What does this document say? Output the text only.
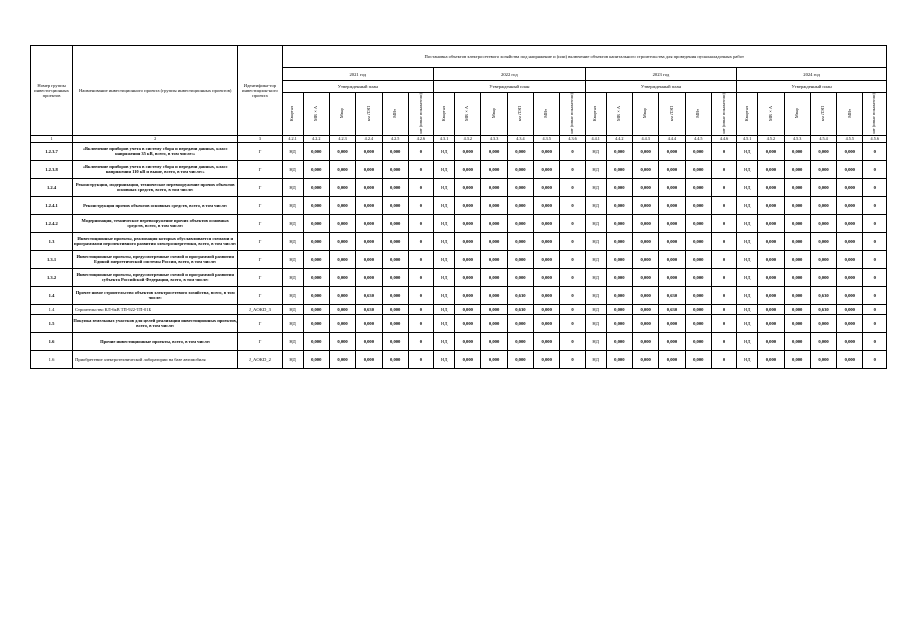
Номер группы инвести-ционных проектов	Наименование инвестиционного проекта (группы инвестиционных проектов)	Идентифика-тор инвестицион-ного проекта	Постановка объектов электросетевого хозяйства под напряжение и (или) включение объектов капитального строительства для проведения пусконаладочных работ																							
			2021 год						2022 год						2023 год						2024 год					
			Утвержденный план						Утвержденный план						Утвержденный план						Утвержденный план					
			Квартал	МВ×А	Мвар	км ЛЭП	МВт	шт (иные показатели)	Квартал	МВ×А	Мвар	км ЛЭП	МВт	шт (иные показатели)	Квартал	МВ×А	Мвар	км ЛЭП	МВт	шт (иные показатели)	Квартал	МВ×А	Мвар	км ЛЭП	МВт	шт (иные показатели)
1	2	3	4.2.1	4.2.2	4.2.3	4.2.4	4.2.5	4.2.6	4.3.1	4.3.2	4.3.3	4.3.4	4.3.5	4.3.6	4.4.1	4.4.2	4.4.3	4.4.4	4.4.5	4.4.6	4.5.1	4.5.2	4.5.3	4.5.4	4.5.5	4.5.6
1.2.3.7	«Включение приборов учета в систему сбора и передачи данных, класс напряжения 35 кВ, всего, в том числе:»	Г	НД	0,000	0,000	0,000	0,000	0	НД	0,000	0,000	0,000	0,000	0	НД	0,000	0,000	0,000	0,000	0	НД	0,000	0,000	0,000	0,000	0
1.2.3.8	«Включение приборов учета в систему сбора и передачи данных, класс напряжения 110 кВ и выше, всего, в том числе:»	Г	НД	0,000	0,000	0,000	0,000	0	НД	0,000	0,000	0,000	0,000	0	НД	0,000	0,000	0,000	0,000	0	НД	0,000	0,000	0,000	0,000	0
1.2.4	Реконструкция, модернизация, техническое перевооружение прочих объектов основных средств, всего, в том числе:	Г	НД	0,000	0,000	0,000	0,000	0	НД	0,000	0,000	0,000	0,000	0	НД	0,000	0,000	0,000	0,000	0	НД	0,000	0,000	0,000	0,000	0
1.2.4.1	Реконструкция прочих объектов основных средств, всего, в том числе:	Г	НД	0,000	0,000	0,000	0,000	0	НД	0,000	0,000	0,000	0,000	0	НД	0,000	0,000	0,000	0,000	0	НД	0,000	0,000	0,000	0,000	0
1.2.4.2	Модернизация, техническое перевооружение прочих объектов основных средств, всего, в том числе:	Г	НД	0,000	0,000	0,000	0,000	0	НД	0,000	0,000	0,000	0,000	0	НД	0,000	0,000	0,000	0,000	0	НД	0,000	0,000	0,000	0,000	0
1.3	Инвестиционные проекты, реализация которых обуславливается схемами и программами перспективного развития электроэнергетики, всего, в том числе:	Г	НД	0,000	0,000	0,000	0,000	0	НД	0,000	0,000	0,000	0,000	0	НД	0,000	0,000	0,000	0,000	0	НД	0,000	0,000	0,000	0,000	0
1.3.1	Инвестиционные проекты, предусмотренные схемой и программой развития Единой энергетической системы России, всего, в том числе:	Г	НД	0,000	0,000	0,000	0,000	0	НД	0,000	0,000	0,000	0,000	0	НД	0,000	0,000	0,000	0,000	0	НД	0,000	0,000	0,000	0,000	0
1.3.2	Инвестиционные проекты, предусмотренные схемой и программой развития субъекта Российской Федерации, всего, в том числе:	Г	НД	0,000	0,000	0,000	0,000	0	НД	0,000	0,000	0,000	0,000	0	НД	0,000	0,000	0,000	0,000	0	НД	0,000	0,000	0,000	0,000	0
1.4	Прочее новое строительство объектов электросетевого хозяйства, всего, в том числе:	Г	НД	0,000	0,000	0,630	0,000	0	НД	0,000	0,000	0,630	0,000	0	НД	0,000	0,000	0,630	0,000	0	НД	0,000	0,000	0,630	0,000	0
1.4	Строительство КЛ-6кВ ТП-922-ТП-01Б	J_AOKD_3	НД	0,000	0,000	0,630	0,000	0	НД	0,000	0,000	0,630	0,000	0	НД	0,000	0,000	0,630	0,000	0	НД	0,000	0,000	0,630	0,000	0
1.5	Покупка земельных участков для целей реализации инвестиционных проектов, всего, в том числе:	Г	НД	0,000	0,000	0,000	0,000	0	НД	0,000	0,000	0,000	0,000	0	НД	0,000	0,000	0,000	0,000	0	НД	0,000	0,000	0,000	0,000	0
1.6	Прочие инвестиционные проекты, всего, в том числе:	Г	НД	0,000	0,000	0,000	0,000	0	НД	0,000	0,000	0,000	0,000	0	НД	0,000	0,000	0,000	0,000	0	НД	0,000	0,000	0,000	0,000	0
1.6	Приобретение электротехнической лаборатории на базе автомобиля	J_AOKD_2	НД	0,000	0,000	0,000	0,000	0	НД	0,000	0,000	0,000	0,000	0	НД	0,000	0,000	0,000	0,000	0	НД	0,000	0,000	0,000	0,000	0
